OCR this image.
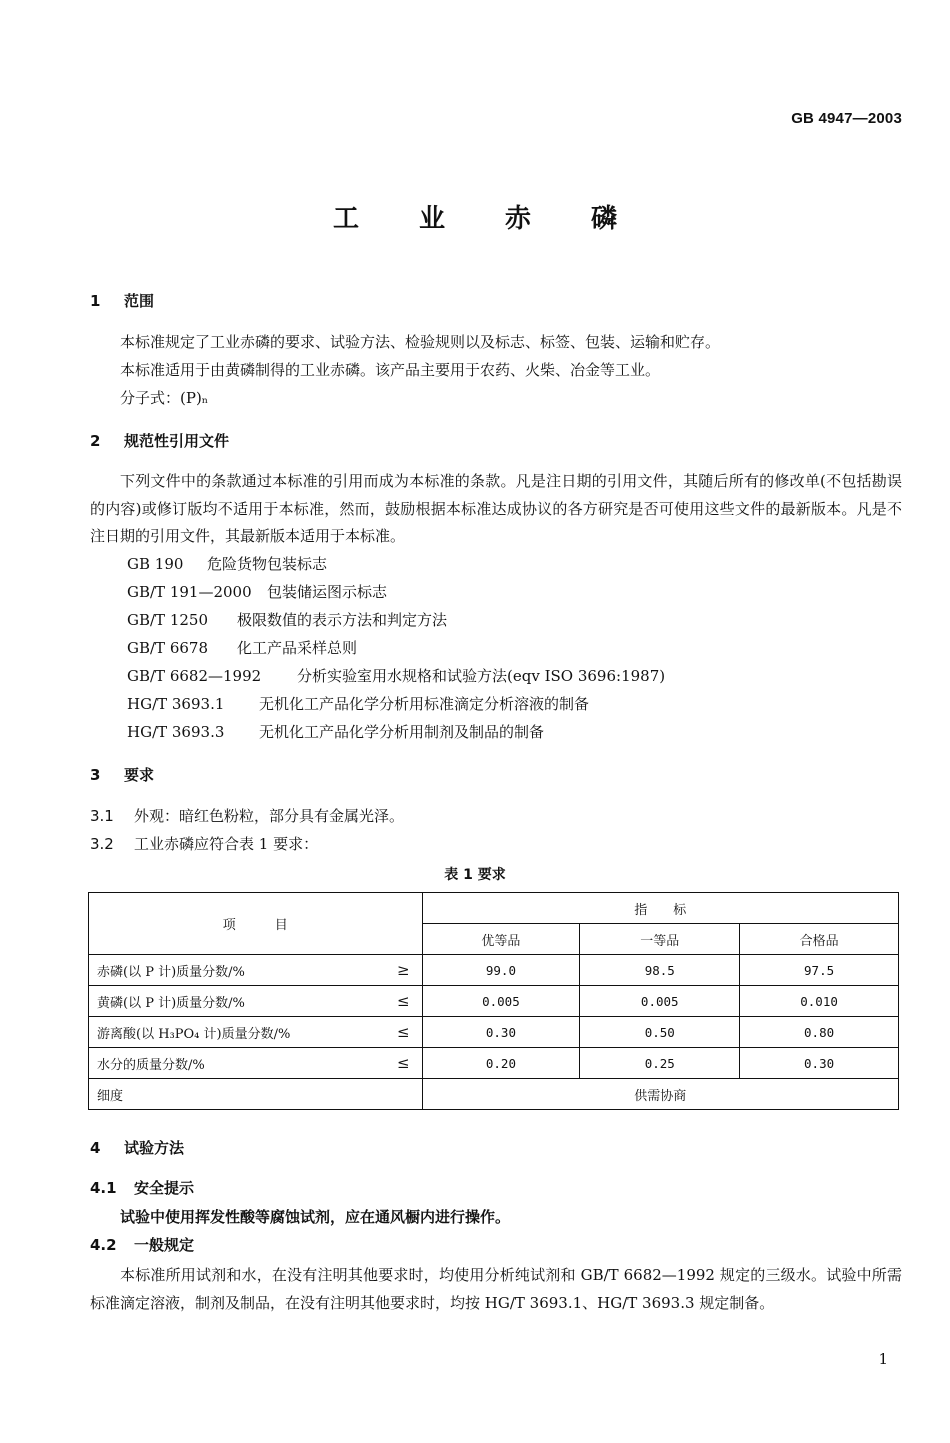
GB 4947—2003
工业赤磷
1 范围
本标准规定了工业赤磷的要求、试验方法、检验规则以及标志、标签、包装、运输和贮存。
本标准适用于由黄磷制得的工业赤磷。该产品主要用于农药、火柴、冶金等工业。
分子式：(P)ₙ
2 规范性引用文件
下列文件中的条款通过本标准的引用而成为本标准的条款。凡是注日期的引用文件，其随后所有的修改单(不包括勘误的内容)或修订版均不适用于本标准，然而，鼓励根据本标准达成协议的各方研究是否可使用这些文件的最新版本。凡是不注日期的引用文件，其最新版本适用于本标准。
GB 190 危险货物包装标志
GB/T 191—2000 包装储运图示标志
GB/T 1250 极限数值的表示方法和判定方法
GB/T 6678 化工产品采样总则
GB/T 6682—1992 分析实验室用水规格和试验方法(eqv ISO 3696:1987)
HG/T 3693.1 无机化工产品化学分析用标准滴定分析溶液的制备
HG/T 3693.3 无机化工产品化学分析用制剂及制品的制备
3 要求
3.1 外观：暗红色粉粒，部分具有金属光泽。
3.2 工业赤磷应符合表 1 要求：
表 1 要求
项　　　目	指　　标		
	优等品	一等品	合格品
赤磷(以 P 计)质量分数/% ≥	99.0	98.5	97.5
黄磷(以 P 计)质量分数/% ≤	0.005	0.005	0.010
游离酸(以 H₃PO₄ 计)质量分数/% ≤	0.30	0.50	0.80
水分的质量分数/% ≤	0.20	0.25	0.30
细度	供需协商		
4 试验方法
4.1 安全提示
试验中使用挥发性酸等腐蚀试剂，应在通风橱内进行操作。
4.2 一般规定
本标准所用试剂和水，在没有注明其他要求时，均使用分析纯试剂和 GB/T 6682—1992 规定的三级水。试验中所需标准滴定溶液，制剂及制品，在没有注明其他要求时，均按 HG/T 3693.1、HG/T 3693.3 规定制备。
1
